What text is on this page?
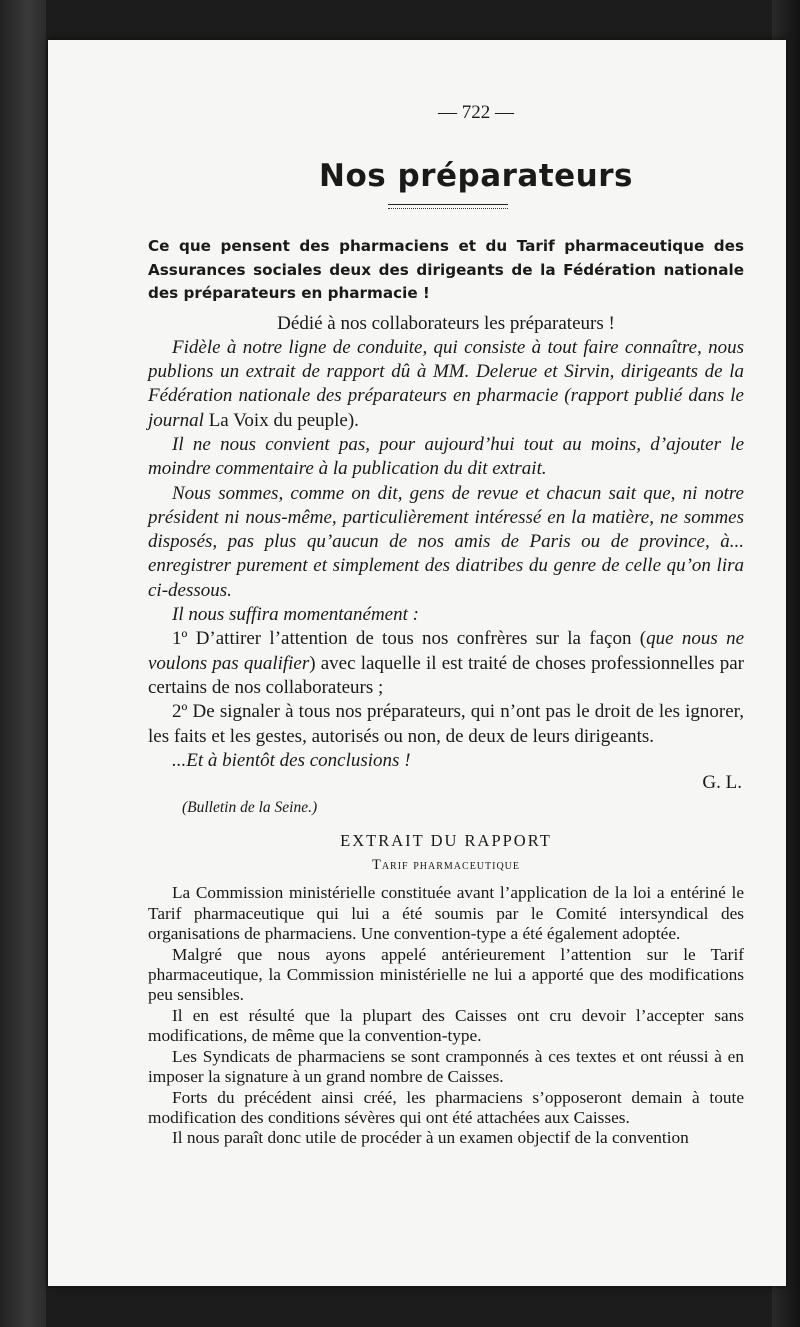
— 722 —
Nos préparateurs
Ce que pensent des pharmaciens et du Tarif pharmaceutique des Assurances sociales deux des dirigeants de la Fédération nationale des préparateurs en pharmacie !
Dédié à nos collaborateurs les préparateurs !

Fidèle à notre ligne de conduite, qui consiste à tout faire connaître, nous publions un extrait de rapport dû à MM. Delerue et Sirvin, dirigeants de la Fédération nationale des préparateurs en pharmacie (rapport publié dans le journal La Voix du peuple).

Il ne nous convient pas, pour aujourd’hui tout au moins, d’ajouter le moindre commentaire à la publication du dit extrait.

Nous sommes, comme on dit, gens de revue et chacun sait que, ni notre président ni nous-même, particulièrement intéressé en la matière, ne sommes disposés, pas plus qu’aucun de nos amis de Paris ou de province, à... enregistrer purement et simplement des diatribes du genre de celle qu’on lira ci-dessous.

Il nous suffira momentanément :

1º D’attirer l’attention de tous nos confrères sur la façon (que nous ne voulons pas qualifier) avec laquelle il est traité de choses professionnelles par certains de nos collaborateurs ;

2º De signaler à tous nos préparateurs, qui n’ont pas le droit de les ignorer, les faits et les gestes, autorisés ou non, de deux de leurs dirigeants.

...Et à bientôt des conclusions !

G. L.
(Bulletin de la Seine.)
EXTRAIT DU RAPPORT
Tarif pharmaceutique

La Commission ministérielle constituée avant l’application de la loi a entériné le Tarif pharmaceutique qui lui a été soumis par le Comité intersyndical des organisations de pharmaciens. Une convention-type a été également adoptée.

Malgré que nous ayons appelé antérieurement l’attention sur le Tarif pharmaceutique, la Commission ministérielle ne lui a apporté que des modifications peu sensibles.

Il en est résulté que la plupart des Caisses ont cru devoir l’accepter sans modifications, de même que la convention-type.

Les Syndicats de pharmaciens se sont cramponnés à ces textes et ont réussi à en imposer la signature à un grand nombre de Caisses.

Forts du précédent ainsi créé, les pharmaciens s’opposeront demain à toute modification des conditions sévères qui ont été attachées aux Caisses.

Il nous paraît donc utile de procéder à un examen objectif de la convention
